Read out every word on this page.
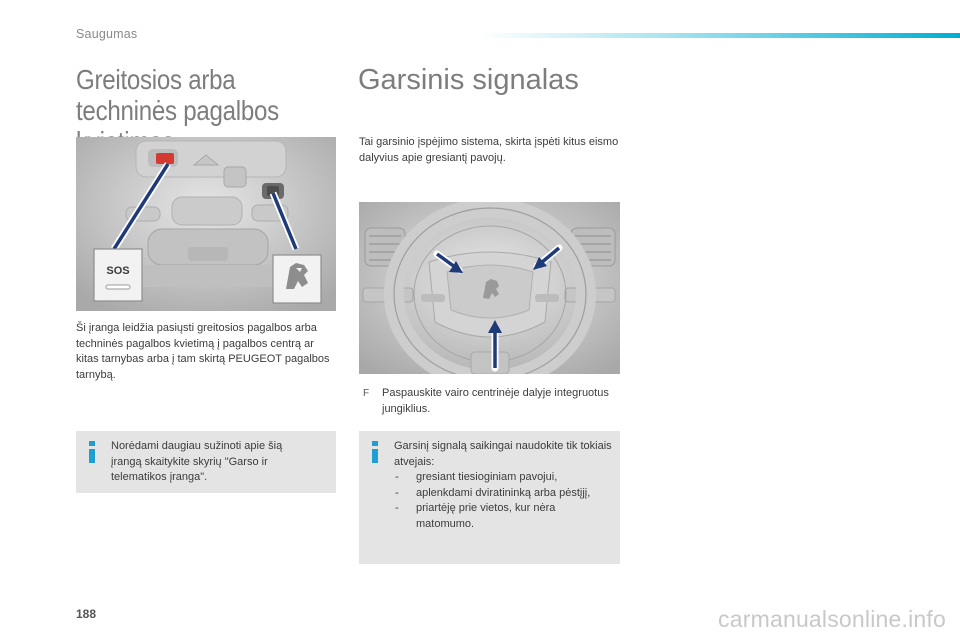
Saugumas
Greitosios arba techninės pagalbos
SOS
Ši įranga leidžia pasiųsti greitosios pagalbos arba techninės pagalbos kvietimą į pagalbos centrą ar kitas tarnybas arba į tam skirtą PEUGEOT pagalbos tarnybą.
Norėdami daugiau sužinoti apie šią įrangą skaitykite skyrių "Garso ir telematikos įranga".
Garsinis signalas
Tai garsinio įspėjimo sistema, skirta įspėti kitus eismo dalyvius apie gresiantį pavojų.
F Paspauskite vairo centrinėje dalyje integruotus jungiklius.
Garsinį signalą saikingai naudokite tik tokiais atvejais:
- gresiant tiesioginiam pavojui,
- aplenkdami dviratininką arba pėstįjį,
- priartėję prie vietos, kur nėra matomumo.
188	carmanualsonline.info
